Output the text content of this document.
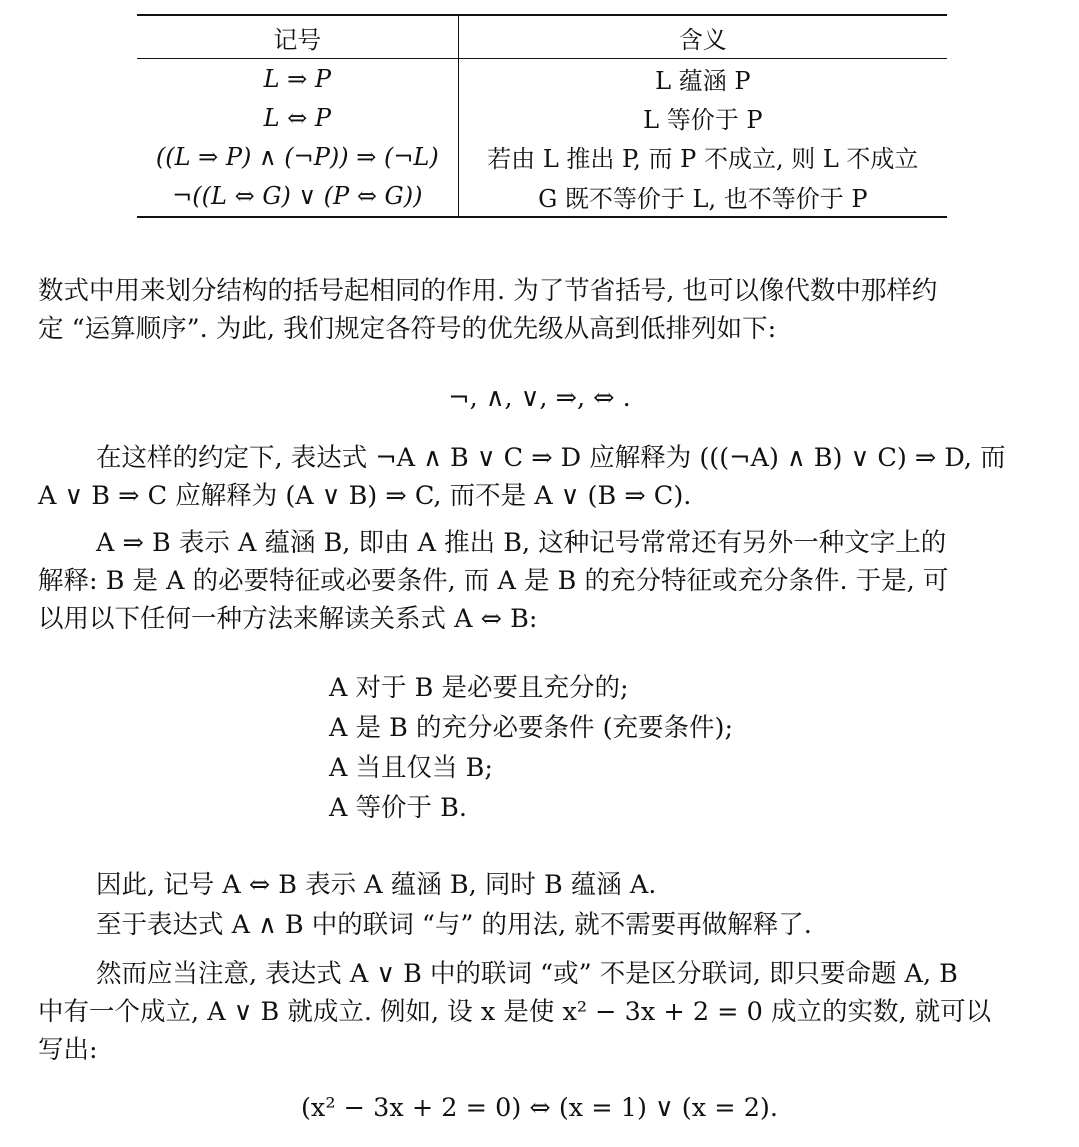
记号	含义
L ⇒ P	L 蕴涵 P
L ⇔ P	L 等价于 P
((L ⇒ P) ∧ (¬P)) ⇒ (¬L)	若由 L 推出 P, 而 P 不成立, 则 L 不成立
¬((L ⇔ G) ∨ (P ⇔ G))	G 既不等价于 L, 也不等价于 P
数式中用来划分结构的括号起相同的作用. 为了节省括号, 也可以像代数中那样约
定 “运算顺序”. 为此, 我们规定各符号的优先级从高到低排列如下:
¬, ∧, ∨, ⇒, ⇔ .
在这样的约定下, 表达式 ¬A ∧ B ∨ C ⇒ D 应解释为 (((¬A) ∧ B) ∨ C) ⇒ D, 而
A ∨ B ⇒ C 应解释为 (A ∨ B) ⇒ C, 而不是 A ∨ (B ⇒ C).
A ⇒ B 表示 A 蕴涵 B, 即由 A 推出 B, 这种记号常常还有另外一种文字上的
解释: B 是 A 的必要特征或必要条件, 而 A 是 B 的充分特征或充分条件. 于是, 可
以用以下任何一种方法来解读关系式 A ⇔ B:
A 对于 B 是必要且充分的;
A 是 B 的充分必要条件 (充要条件);
A 当且仅当 B;
A 等价于 B.
因此, 记号 A ⇔ B 表示 A 蕴涵 B, 同时 B 蕴涵 A.
至于表达式 A ∧ B 中的联词 “与” 的用法, 就不需要再做解释了.
然而应当注意, 表达式 A ∨ B 中的联词 “或” 不是区分联词, 即只要命题 A, B
中有一个成立, A ∨ B 就成立. 例如, 设 x 是使 x² − 3x + 2 = 0 成立的实数, 就可以
写出:
(x² − 3x + 2 = 0) ⇔ (x = 1) ∨ (x = 2).
